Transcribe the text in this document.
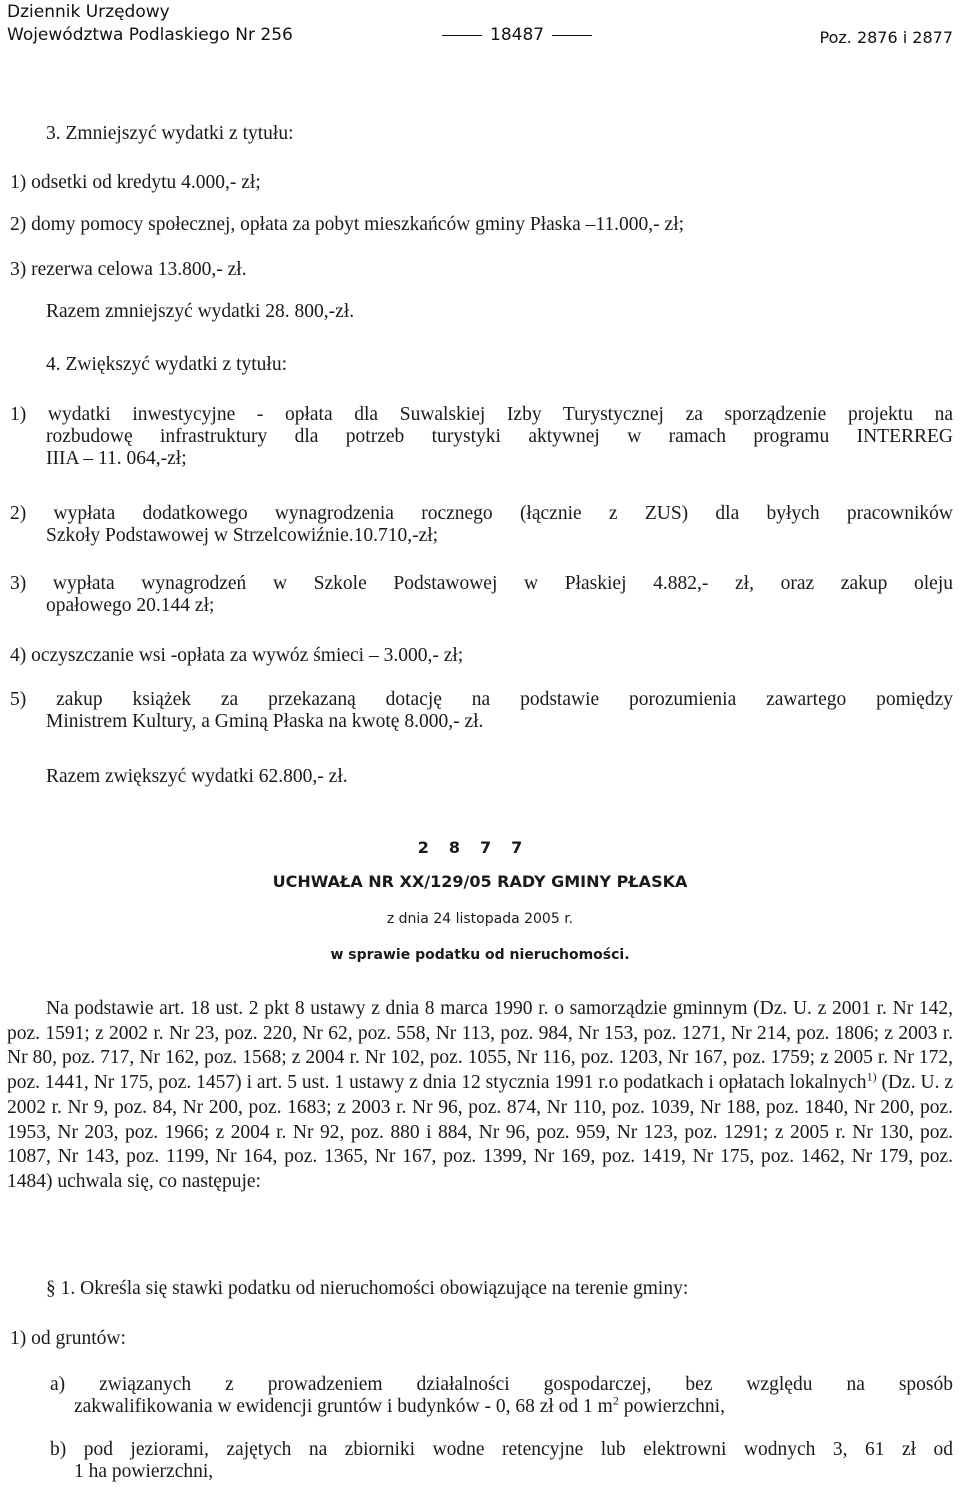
Dziennik Urzędowy
Województwa Podlaskiego Nr 256	18487	Poz. 2876 i 2877
3. Zmniejszyć wydatki z tytułu:
1) odsetki od kredytu 4.000,- zł;
2) domy pomocy społecznej, opłata za pobyt mieszkańców gminy Płaska –11.000,- zł;
3) rezerwa celowa 13.800,- zł.
Razem zmniejszyć wydatki 28. 800,-zł.
4. Zwiększyć wydatki z tytułu:
1) wydatki inwestycyjne - opłata dla Suwalskiej Izby Turystycznej za sporządzenie projektu na
rozbudowę infrastruktury dla potrzeb turystyki aktywnej w ramach programu INTERREG
IIIA – 11. 064,-zł;
2) wypłata dodatkowego wynagrodzenia rocznego (łącznie z ZUS) dla byłych pracowników
Szkoły Podstawowej w Strzelcowiźnie.10.710,-zł;
3) wypłata wynagrodzeń w Szkole Podstawowej w Płaskiej 4.882,- zł, oraz zakup oleju
opałowego 20.144 zł;
4) oczyszczanie wsi -opłata za wywóz śmieci – 3.000,- zł;
5) zakup książek za przekazaną dotację na podstawie porozumienia zawartego pomiędzy
Ministrem Kultury, a Gminą Płaska na kwotę 8.000,- zł.
Razem zwiększyć wydatki 62.800,- zł.
2877
UCHWAŁA NR XX/129/05 RADY GMINY PŁASKA
z dnia 24 listopada 2005 r.
w sprawie podatku od nieruchomości.
Na podstawie art. 18 ust. 2 pkt 8 ustawy z dnia 8 marca 1990 r. o samorządzie gminnym (Dz. U. z 2001 r. Nr 142, poz. 1591; z 2002 r. Nr 23, poz. 220, Nr 62, poz. 558, Nr 113, poz. 984, Nr 153, poz. 1271, Nr 214, poz. 1806; z 2003 r. Nr 80, poz. 717, Nr 162, poz. 1568; z 2004 r. Nr 102, poz. 1055, Nr 116, poz. 1203, Nr 167, poz. 1759; z 2005 r. Nr 172, poz. 1441, Nr 175, poz. 1457) i art. 5 ust. 1 ustawy z dnia 12 stycznia 1991 r.o podatkach i opłatach lokalnych$^{1)}$ (Dz. U. z 2002 r. Nr 9, poz. 84, Nr 200, poz. 1683; z 2003 r. Nr 96, poz. 874, Nr 110, poz. 1039, Nr 188, poz. 1840, Nr 200, poz. 1953, Nr 203, poz. 1966; z 2004 r. Nr 92, poz. 880 i 884, Nr 96, poz. 959, Nr 123, poz. 1291; z 2005 r. Nr 130, poz. 1087, Nr 143, poz. 1199, Nr 164, poz. 1365, Nr 167, poz. 1399, Nr 169, poz. 1419, Nr 175, poz. 1462, Nr 179, poz. 1484) uchwala się, co następuje:
§ 1. Określa się stawki podatku od nieruchomości obowiązujące na terenie gminy:
1) od gruntów:
a) związanych z prowadzeniem działalności gospodarczej, bez względu na sposób
zakwalifikowania w ewidencji gruntów i budynków - 0, 68 zł od 1 $m^2$ powierzchni,
b) pod jeziorami, zajętych na zbiorniki wodne retencyjne lub elektrowni wodnych 3, 61 zł od
1 ha powierzchni,
